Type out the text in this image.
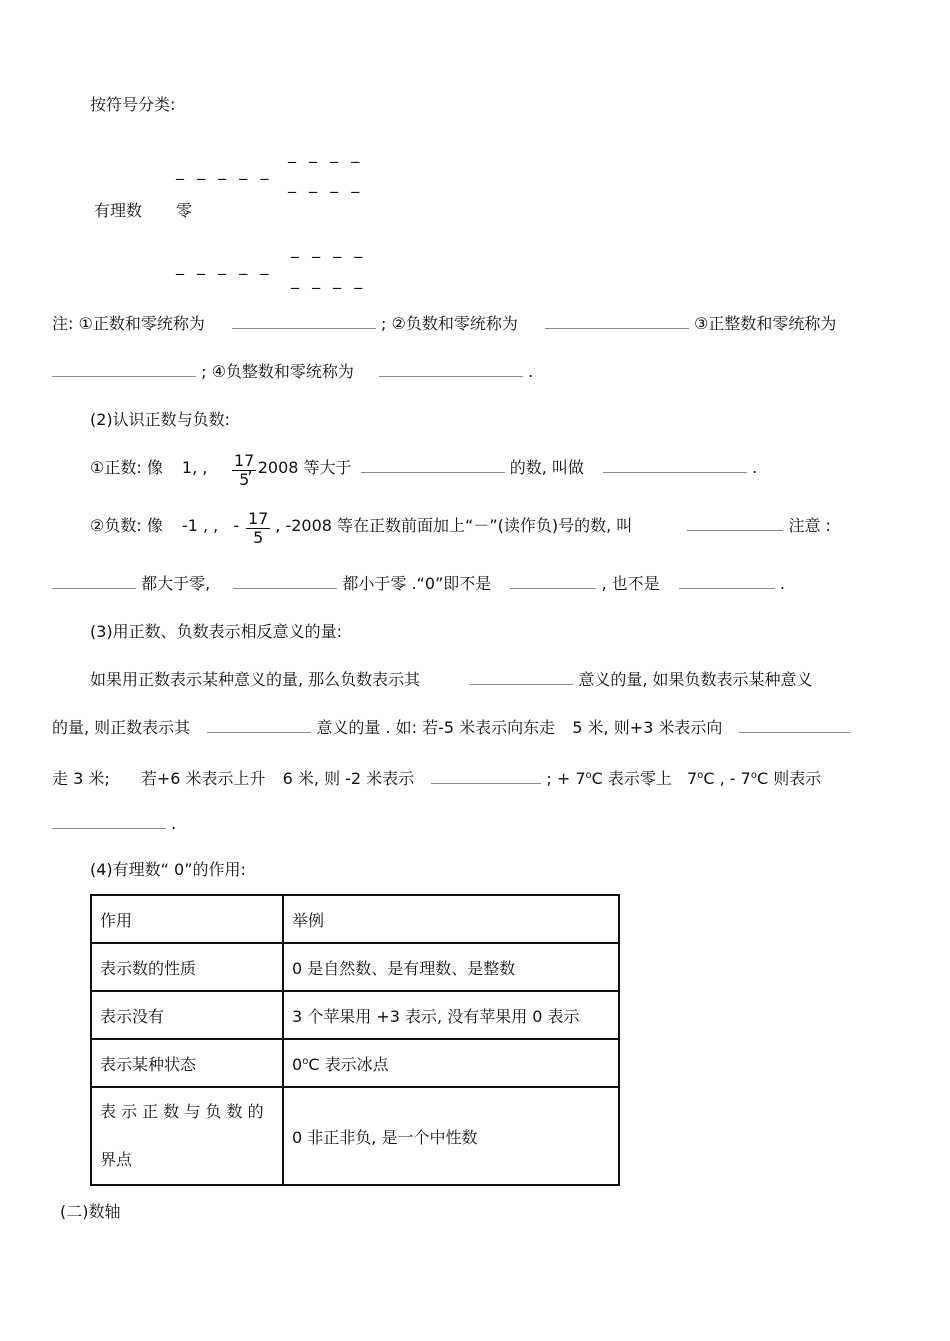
按符号分类:
_ _ _ _
_ _ _ _ _
_ _ _ _
有理数 零
_ _ _ _
_ _ _ _ _
_ _ _ _
注: ①正数和零统称为	; ②负数和零统称为	③正整数和零统称为
; ④负整数和零统称为	.
(2)认识正数与负数:
①正数: 像 1, ,	, 2008 等大于	的数, 叫做	.
$\frac{17}{5}$
②负数: 像 -1 , , - , -2008 等在正数前面加上“－”(读作负)号的数, 叫	注意 :
$\frac{17}{5}$
都大于零,	都小于零 .“0”即不是	, 也不是	.
(3)用正数、负数表示相反意义的量:
如果用正数表示某种意义的量, 那么负数表示其	意义的量, 如果负数表示某种意义
的量, 则正数表示其	意义的量 . 如: 若-5 米表示向东走 5 米, 则+3 米表示向
走 3 米; 若+6 米表示上升 6 米, 则 -2 米表示	; + $7^oC$ 表示零上 7$^o$C , - 7$^o$C 则表示
.
(4)有理数“ 0”的作用:
作用	举例
表示数的性质	0 是自然数、是有理数、是整数
表示没有	3 个苹果用 +3 表示, 没有苹果用 0 表示
表示某种状态	0$^o$C 表示冰点

表 示 正 数 与 负 数 的
界点	0 非正非负, 是一个中性数
(二)数轴
